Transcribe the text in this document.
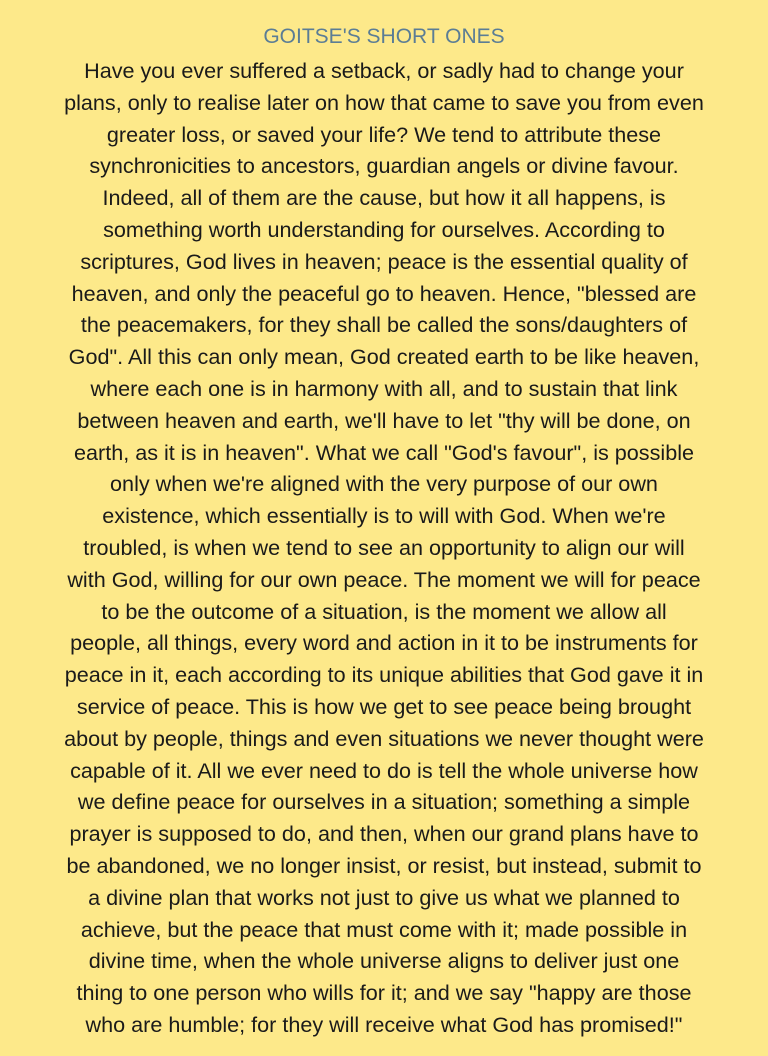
GOITSE'S SHORT ONES
Have you ever suffered a setback, or sadly had to change your
plans, only to realise later on how that came to save you from even
greater loss, or saved your life? We tend to attribute these
synchronicities to ancestors, guardian angels or divine favour.
Indeed, all of them are the cause, but how it all happens, is
something worth understanding for ourselves. According to
scriptures, God lives in heaven; peace is the essential quality of
heaven, and only the peaceful go to heaven. Hence, "blessed are
the peacemakers, for they shall be called the sons/daughters of
God". All this can only mean, God created earth to be like heaven,
where each one is in harmony with all, and to sustain that link
between heaven and earth, we'll have to let "thy will be done, on
earth, as it is in heaven". What we call "God's favour", is possible
only when we're aligned with the very purpose of our own
existence, which essentially is to will with God. When we're
troubled, is when we tend to see an opportunity to align our will
with God, willing for our own peace. The moment we will for peace
to be the outcome of a situation, is the moment we allow all
people, all things, every word and action in it to be instruments for
peace in it, each according to its unique abilities that God gave it in
service of peace. This is how we get to see peace being brought
about by people, things and even situations we never thought were
capable of it. All we ever need to do is tell the whole universe how
we define peace for ourselves in a situation; something a simple
prayer is supposed to do, and then, when our grand plans have to
be abandoned, we no longer insist, or resist, but instead, submit to
a divine plan that works not just to give us what we planned to
achieve, but the peace that must come with it; made possible in
divine time, when the whole universe aligns to deliver just one
thing to one person who wills for it; and we say "happy are those
who are humble; for they will receive what God has promised!"
